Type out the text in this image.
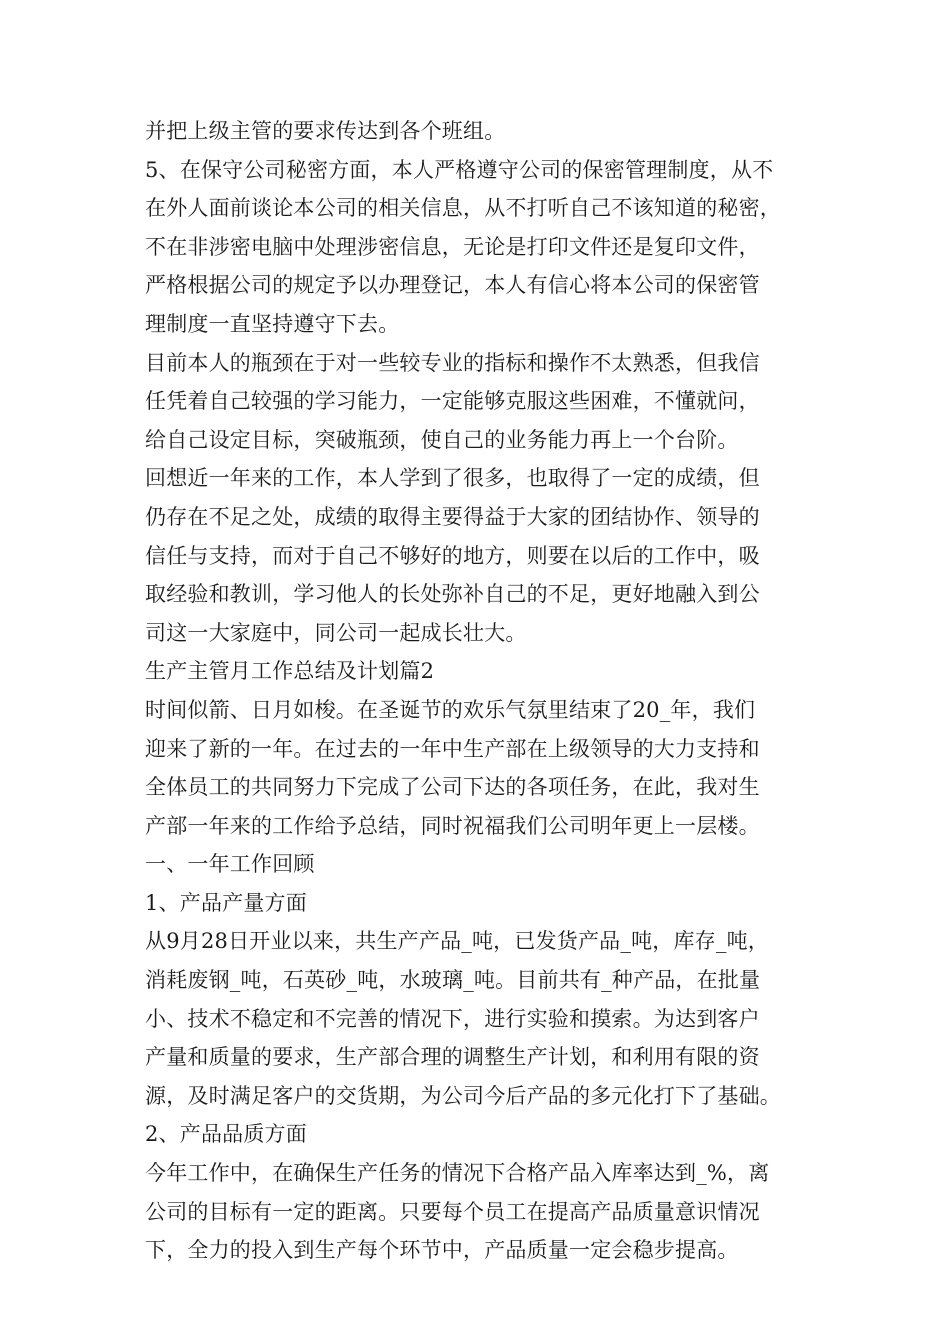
并把上级主管的要求传达到各个班组。
5、在保守公司秘密方面，本人严格遵守公司的保密管理制度，从不
在外人面前谈论本公司的相关信息，从不打听自己不该知道的秘密，
不在非涉密电脑中处理涉密信息，无论是打印文件还是复印文件，
严格根据公司的规定予以办理登记，本人有信心将本公司的保密管
理制度一直坚持遵守下去。
目前本人的瓶颈在于对一些较专业的指标和操作不太熟悉，但我信
任凭着自己较强的学习能力，一定能够克服这些困难，不懂就问，
给自己设定目标，突破瓶颈，使自己的业务能力再上一个台阶。
回想近一年来的工作，本人学到了很多，也取得了一定的成绩，但
仍存在不足之处，成绩的取得主要得益于大家的团结协作、领导的
信任与支持，而对于自己不够好的地方，则要在以后的工作中，吸
取经验和教训，学习他人的长处弥补自己的不足，更好地融入到公
司这一大家庭中，同公司一起成长壮大。
生产主管月工作总结及计划篇2
时间似箭、日月如梭。在圣诞节的欢乐气氛里结束了20_年，我们
迎来了新的一年。在过去的一年中生产部在上级领导的大力支持和
全体员工的共同努力下完成了公司下达的各项任务，在此，我对生
产部一年来的工作给予总结，同时祝福我们公司明年更上一层楼。
一、一年工作回顾
1、产品产量方面
从9月28日开业以来，共生产产品_吨，已发货产品_吨，库存_吨，
消耗废钢_吨，石英砂_吨，水玻璃_吨。目前共有_种产品，在批量
小、技术不稳定和不完善的情况下，进行实验和摸索。为达到客户
产量和质量的要求，生产部合理的调整生产计划，和利用有限的资
源，及时满足客户的交货期，为公司今后产品的多元化打下了基础。
2、产品品质方面
今年工作中，在确保生产任务的情况下合格产品入库率达到_%，离
公司的目标有一定的距离。只要每个员工在提高产品质量意识情况
下，全力的投入到生产每个环节中，产品质量一定会稳步提高。
